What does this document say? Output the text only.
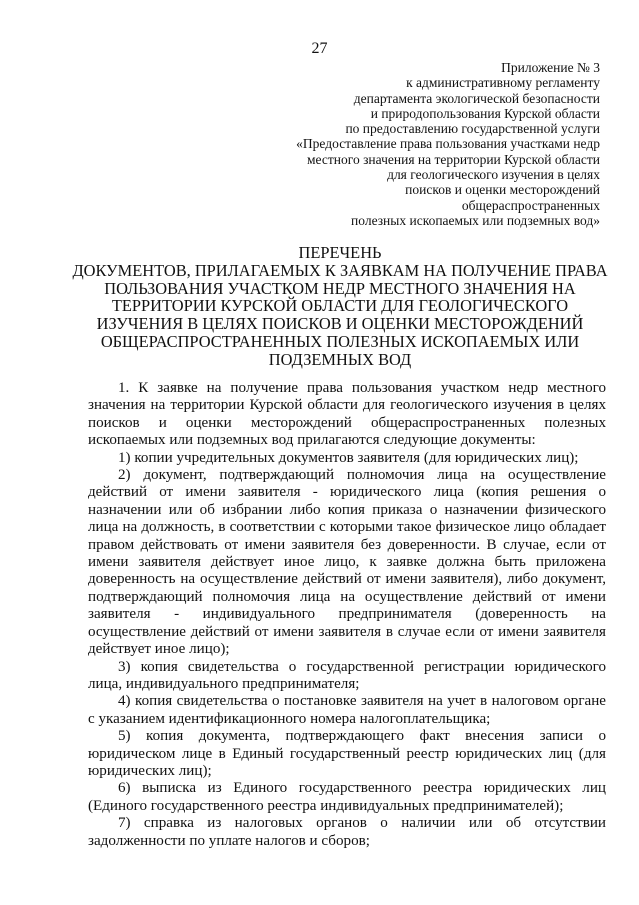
27
Приложение № 3
к административному регламенту
департамента экологической безопасности
и природопользования Курской области
по предоставлению государственной услуги
«Предоставление права пользования участками недр
местного значения на территории Курской области
для геологического изучения в целях
поисков и оценки месторождений
общераспространенных
полезных ископаемых или подземных вод»
ПЕРЕЧЕНЬ
ДОКУМЕНТОВ, ПРИЛАГАЕМЫХ К ЗАЯВКАМ НА ПОЛУЧЕНИЕ ПРАВА
ПОЛЬЗОВАНИЯ УЧАСТКОМ НЕДР МЕСТНОГО ЗНАЧЕНИЯ НА
ТЕРРИТОРИИ КУРСКОЙ ОБЛАСТИ ДЛЯ ГЕОЛОГИЧЕСКОГО
ИЗУЧЕНИЯ В ЦЕЛЯХ ПОИСКОВ И ОЦЕНКИ МЕСТОРОЖДЕНИЙ
ОБЩЕРАСПРОСТРАНЕННЫХ ПОЛЕЗНЫХ ИСКОПАЕМЫХ ИЛИ
ПОДЗЕМНЫХ ВОД

1. К заявке на получение права пользования участком недр местного значения на территории Курской области для геологического изучения в целях поисков и оценки месторождений общераспространенных полезных ископаемых или подземных вод прилагаются следующие документы:

1) копии учредительных документов заявителя (для юридических лиц);

2) документ, подтверждающий полномочия лица на осуществление действий от имени заявителя - юридического лица (копия решения о назначении или об избрании либо копия приказа о назначении физического лица на должность, в соответствии с которыми такое физическое лицо обладает правом действовать от имени заявителя без доверенности. В случае, если от имени заявителя действует иное лицо, к заявке должна быть приложена доверенность на осуществление действий от имени заявителя), либо документ, подтверждающий полномочия лица на осуществление действий от имени заявителя - индивидуального предпринимателя (доверенность на осуществление действий от имени заявителя в случае если от имени заявителя действует иное лицо);

3) копия свидетельства о государственной регистрации юридического лица, индивидуального предпринимателя;

4) копия свидетельства о постановке заявителя на учет в налоговом органе с указанием идентификационного номера налогоплательщика;

5) копия документа, подтверждающего факт внесения записи о юридическом лице в Единый государственный реестр юридических лиц (для юридических лиц);

6) выписка из Единого государственного реестра юридических лиц (Единого государственного реестра индивидуальных предпринимателей);

7) справка из налоговых органов о наличии или об отсутствии задолженности по уплате налогов и сборов;
